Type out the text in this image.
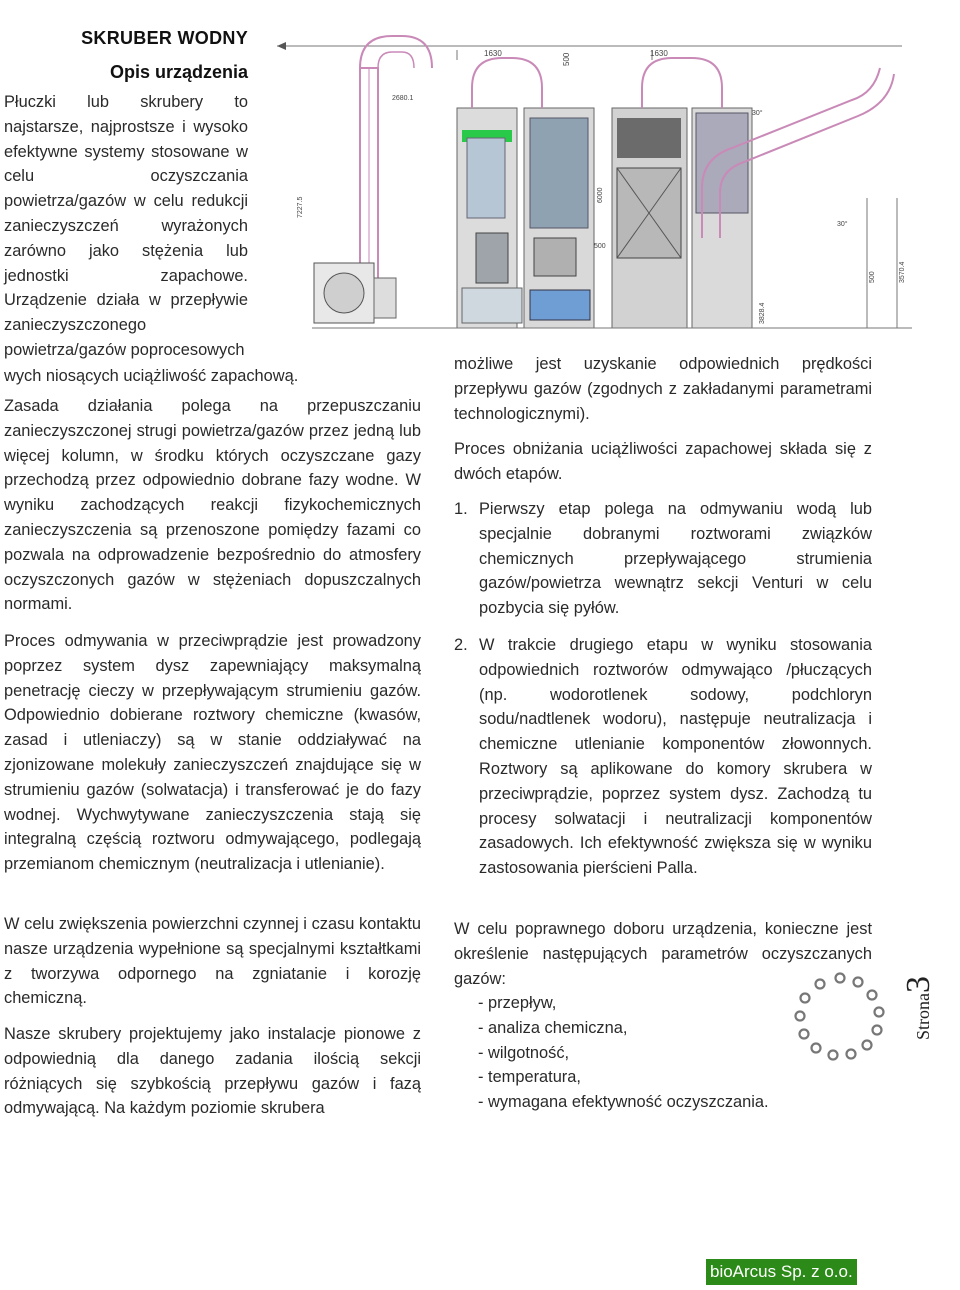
SKRUBER WODNY
Opis urządzenia

Płuczki lub skrubery to najstarsze, najprostsze i wysoko efektywne systemy stosowane w celu oczyszczania powietrza/gazów w celu redukcji zanieczyszczeń wyrażonych zarówno jako stężenia lub jednostki zapachowe. Urządzenie działa w przepływie zanieczyszczonego powietrza/gazów poprocesowych

wych niosących uciążliwość zapachową.

1630	1630
500
2680.1
500
7227.5
6000
30°
30°
500	3570.4
3828.4

Zasada działania polega na przepuszczaniu zanieczyszczonej strugi powietrza/gazów przez jedną lub więcej kolumn, w środku których oczyszczane gazy przechodzą przez odpowiednio dobrane fazy wodne. W wyniku zachodzących reakcji fizykochemicznych zanieczyszczenia są przenoszone pomiędzy fazami co pozwala na odprowadzenie bezpośrednio do atmosfery oczyszczonych gazów w stężeniach dopuszczalnych normami.

Proces odmywania w przeciwprądzie jest prowadzony poprzez system dysz zapewniający maksymalną penetrację cieczy w przepływającym strumieniu gazów. Odpowiednio dobierane roztwory chemiczne (kwasów, zasad i utleniaczy) są w stanie oddziaływać na zjonizowane molekuły zanieczyszczeń znajdujące się w strumieniu gazów (solwatacja) i transferować je do fazy wodnej. Wychwytywane zanieczyszczenia stają się integralną częścią roztworu odmywającego, podlegają przemianom chemicznym (neutralizacja i utlenianie).

W celu zwiększenia powierzchni czynnej i czasu kontaktu nasze urządzenia wypełnione są specjalnymi kształtkami z tworzywa odpornego na zgniatanie i korozję chemiczną.

Nasze skrubery projektujemy jako instalacje pionowe z odpowiednią dla danego zadania ilością sekcji różniących się szybkością przepływu gazów i fazą odmywającą. Na każdym poziomie skrubera

możliwe jest uzyskanie odpowiednich prędkości przepływu gazów (zgodnych z zakładanymi parametrami technologicznymi).

Proces obniżania uciążliwości zapachowej składa się z dwóch etapów.

1. Pierwszy etap polega na odmywaniu wodą lub specjalnie dobranymi roztworami związków chemicznych przepływającego strumienia gazów/powietrza wewnątrz sekcji Venturi w celu pozbycia się pyłów.
2. W trakcie drugiego etapu w wyniku stosowania odpowiednich roztworów odmywająco /płuczących (np. wodorotlenek sodowy, podchloryn sodu/nadtlenek wodoru), następuje neutralizacja i chemiczne utlenianie komponentów złowonnych. Roztwory są aplikowane do komory skrubera w przeciwprądzie, poprzez system dysz. Zachodzą tu procesy solwatacji i neutralizacji komponentów zasadowych. Ich efektywność zwiększa się w wyniku zastosowania pierścieni Palla.

W celu poprawnego doboru urządzenia, konieczne jest określenie następujących parametrów oczyszczanych gazów:

- przepływ,
- analiza chemiczna,
- wilgotność,
- temperatura,
- wymagana efektywność oczyszczania.
Strona3
bioArcus Sp. z o.o.
